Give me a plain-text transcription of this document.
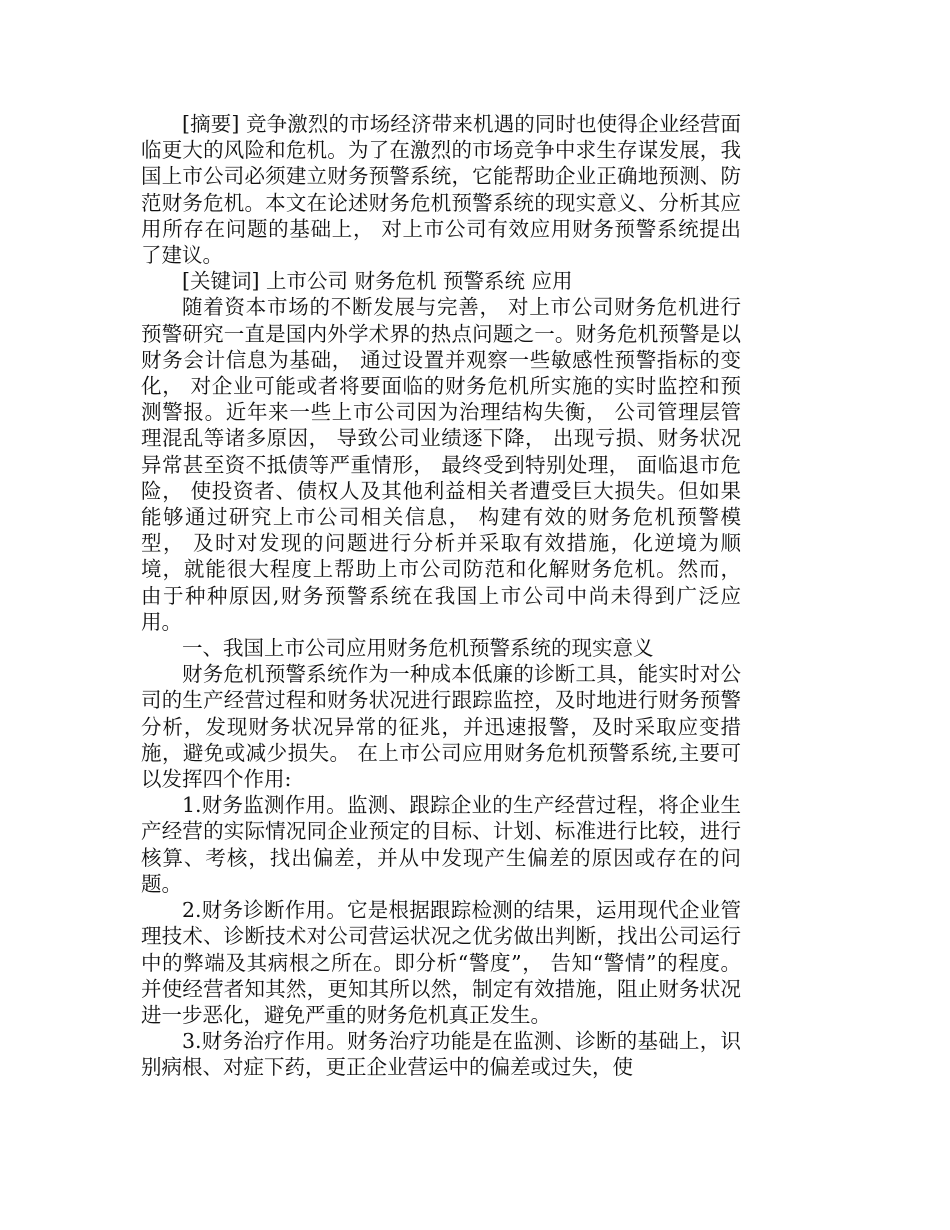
[摘要] 竞争激烈的市场经济带来机遇的同时也使得企业经营面临更大的风险和危机。为了在激烈的市场竞争中求生存谋发展，我国上市公司必须建立财务预警系统，它能帮助企业正确地预测、防范财务危机。本文在论述财务危机预警系统的现实意义、分析其应用所存在问题的基础上， 对上市公司有效应用财务预警系统提出了建议。

[关键词] 上市公司 财务危机 预警系统 应用

随着资本市场的不断发展与完善， 对上市公司财务危机进行预警研究一直是国内外学术界的热点问题之一。财务危机预警是以财务会计信息为基础， 通过设置并观察一些敏感性预警指标的变化， 对企业可能或者将要面临的财务危机所实施的实时监控和预测警报。近年来一些上市公司因为治理结构失衡， 公司管理层管理混乱等诸多原因， 导致公司业绩逐下降， 出现亏损、财务状况异常甚至资不抵债等严重情形， 最终受到特别处理， 面临退市危险， 使投资者、债权人及其他利益相关者遭受巨大损失。但如果能够通过研究上市公司相关信息， 构建有效的财务危机预警模型， 及时对发现的问题进行分析并采取有效措施，化逆境为顺境，就能很大程度上帮助上市公司防范和化解财务危机。然而， 由于种种原因,财务预警系统在我国上市公司中尚未得到广泛应用。

一、我国上市公司应用财务危机预警系统的现实意义

财务危机预警系统作为一种成本低廉的诊断工具，能实时对公司的生产经营过程和财务状况进行跟踪监控，及时地进行财务预警分析，发现财务状况异常的征兆，并迅速报警，及时采取应变措施，避免或减少损失。 在上市公司应用财务危机预警系统,主要可以发挥四个作用:

1.财务监测作用。监测、跟踪企业的生产经营过程，将企业生产经营的实际情况同企业预定的目标、计划、标准进行比较，进行核算、考核，找出偏差，并从中发现产生偏差的原因或存在的问题。

2.财务诊断作用。它是根据跟踪检测的结果，运用现代企业管理技术、诊断技术对公司营运状况之优劣做出判断，找出公司运行中的弊端及其病根之所在。即分析“警度”， 告知“警情”的程度。并使经营者知其然，更知其所以然，制定有效措施，阻止财务状况进一步恶化，避免严重的财务危机真正发生。

3.财务治疗作用。财务治疗功能是在监测、诊断的基础上，识别病根、对症下药，更正企业营运中的偏差或过失，使
